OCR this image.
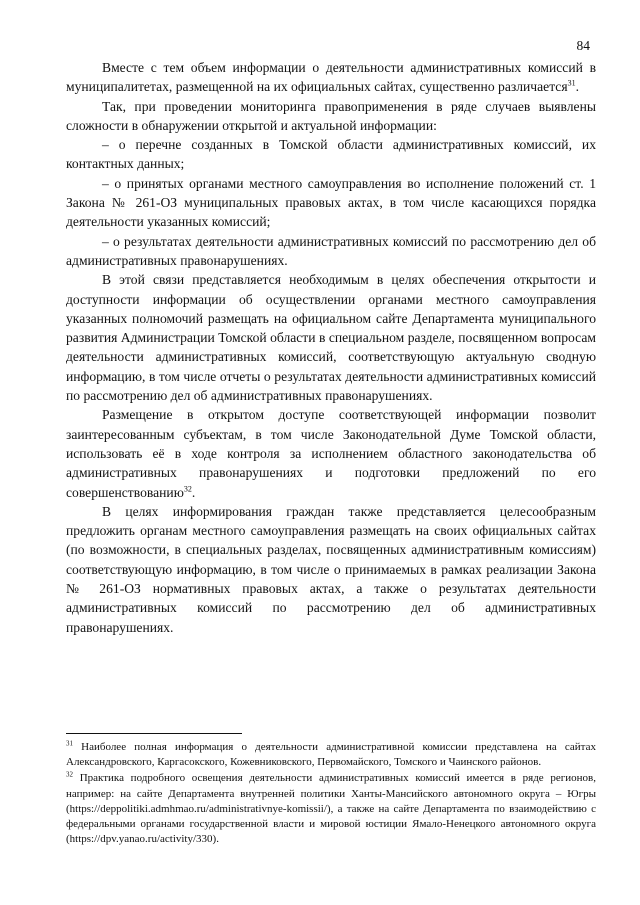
84

Вместе с тем объем информации о деятельности административных комиссий в муниципалитетах, размещенной на их официальных сайтах, существенно различается$^{31}$.

Так, при проведении мониторинга правоприменения в ряде случаев выявлены сложности в обнаружении открытой и актуальной информации:

– о перечне созданных в Томской области административных комиссий, их контактных данных;

– о принятых органами местного самоуправления во исполнение положений ст. 1 Закона № 261-ОЗ муниципальных правовых актах, в том числе касающихся порядка деятельности указанных комиссий;

– о результатах деятельности административных комиссий по рассмотрению дел об административных правонарушениях.

В этой связи представляется необходимым в целях обеспечения открытости и доступности информации об осуществлении органами местного самоуправления указанных полномочий размещать на официальном сайте Департамента муниципального развития Администрации Томской области в специальном разделе, посвященном вопросам деятельности административных комиссий, соответствующую актуальную сводную информацию, в том числе отчеты о результатах деятельности административных комиссий по рассмотрению дел об административных правонарушениях.

Размещение в открытом доступе соответствующей информации позволит заинтересованным субъектам, в том числе Законодательной Думе Томской области, использовать её в ходе контроля за исполнением областного законодательства об административных правонарушениях и подготовки предложений по его совершенствованию$^{32}$.

В целях информирования граждан также представляется целесообразным предложить органам местного самоуправления размещать на своих официальных сайтах (по возможности, в специальных разделах, посвященных административным комиссиям) соответствующую информацию, в том числе о принимаемых в рамках реализации Закона № 261-ОЗ нормативных правовых актах, а также о результатах деятельности административных комиссий по рассмотрению дел об административных правонарушениях.

$^{31}$ Наиболее полная информация о деятельности административной комиссии представлена на сайтах Александровского, Каргасокского, Кожевниковского, Первомайского, Томского и Чаинского районов.

$^{32}$ Практика подробного освещения деятельности административных комиссий имеется в ряде регионов, например: на сайте Департамента внутренней политики Ханты-Мансийского автономного округа – Югры (https://deppolitiki.admhmao.ru/administrativnye-komissii/), а также на сайте Департамента по взаимодействию с федеральными органами государственной власти и мировой юстиции Ямало-Ненецкого автономного округа (https://dpv.yanao.ru/activity/330).
